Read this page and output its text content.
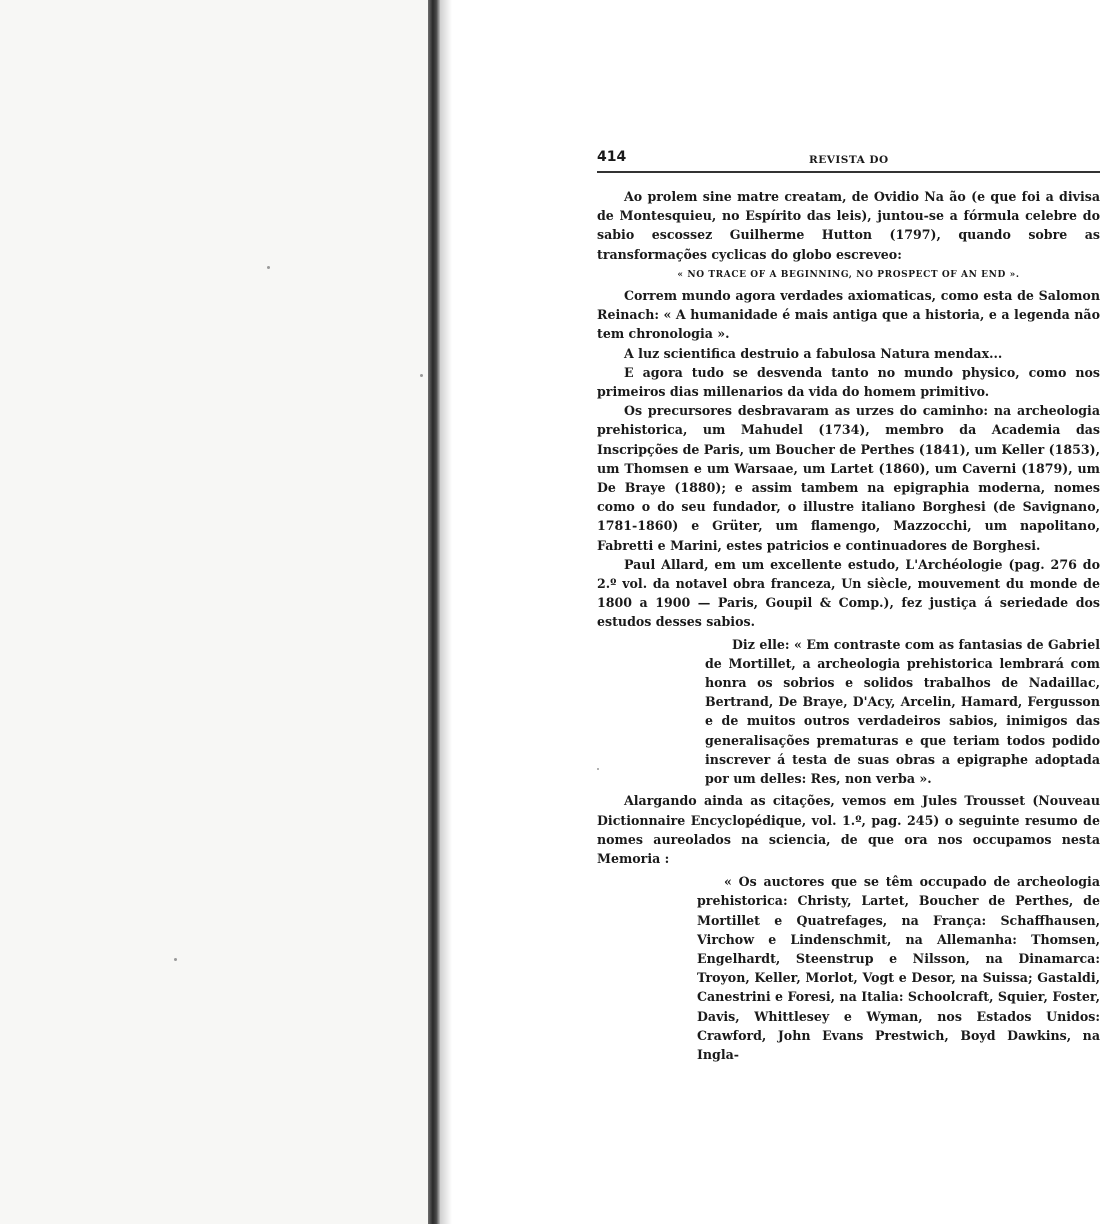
414	REVISTA DO

Ao prolem sine matre creatam, de Ovidio Na ão (e que foi a divisa de Montesquieu, no Espírito das leis), juntou-se a fórmula celebre do sabio escossez Guilherme Hutton (1797), quando sobre as transformações cyclicas do globo escreveo:

« NO TRACE OF A BEGINNING, NO PROSPECT OF AN END ».

Correm mundo agora verdades axiomaticas, como esta de Salomon Reinach: « A humanidade é mais antiga que a historia, e a legenda não tem chronologia ».

A luz scientifica destruio a fabulosa Natura mendax...

E agora tudo se desvenda tanto no mundo physico, como nos primeiros dias millenarios da vida do homem primitivo.

Os precursores desbravaram as urzes do caminho: na archeologia prehistorica, um Mahudel (1734), membro da Academia das Inscripções de Paris, um Boucher de Perthes (1841), um Keller (1853), um Thomsen e um Warsaae, um Lartet (1860), um Caverni (1879), um De Braye (1880); e assim tambem na epigraphia moderna, nomes como o do seu fundador, o illustre italiano Borghesi (de Savignano, 1781-1860) e Grüter, um flamengo, Mazzocchi, um napolitano, Fabretti e Marini, estes patricios e continuadores de Borghesi.

Paul Allard, em um excellente estudo, L'Archéologie (pag. 276 do 2.º vol. da notavel obra franceza, Un siècle, mouvement du monde de 1800 a 1900 — Paris, Goupil & Comp.), fez justiça á seriedade dos estudos desses sabios.

Diz elle: « Em contraste com as fantasias de Gabriel de Mortillet, a archeologia prehistorica lembrará com honra os sobrios e solidos trabalhos de Nadaillac, Bertrand, De Braye, D'Acy, Arcelin, Hamard, Fergusson e de muitos outros verdadeiros sabios, inimigos das generalisações prematuras e que teriam todos podido inscrever á testa de suas obras a epigraphe adoptada por um delles: Res, non verba ».

Alargando ainda as citações, vemos em Jules Trousset (Nouveau Dictionnaire Encyclopédique, vol. 1.º, pag. 245) o seguinte resumo de nomes aureolados na sciencia, de que ora nos occupamos nesta Memoria :

« Os auctores que se têm occupado de archeologia prehistorica: Christy, Lartet, Boucher de Perthes, de Mortillet e Quatrefages, na França: Schaffhausen, Virchow e Lindenschmit, na Allemanha: Thomsen, Engelhardt, Steenstrup e Nilsson, na Dinamarca: Troyon, Keller, Morlot, Vogt e Desor, na Suissa; Gastaldi, Canestrini e Foresi, na Italia: Schoolcraft, Squier, Foster, Davis, Whittlesey e Wyman, nos Estados Unidos: Crawford, John Evans Prestwich, Boyd Dawkins, na Ingla-
